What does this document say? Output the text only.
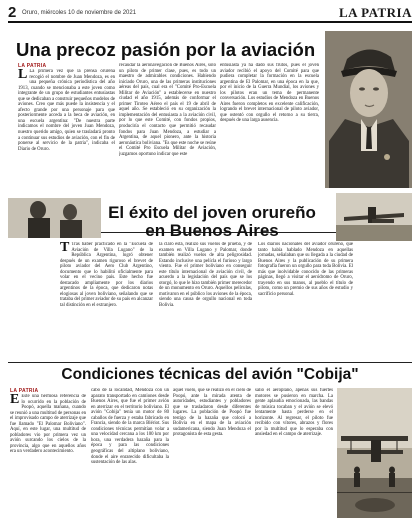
2 Oruro, miércoles 10 de noviembre de 2021	LA PATRIA
Una precoz pasión por la aviación
LA PATRIA
L La primera vez que la prensa orureña recogió el nombre de Juan Mendoza, es en una pequeña crónica periodística del año 1913, cuando se mencionaba a este joven como integrante de un grupo de estudiantes entusiastas que se dedicaban a construir pequeños modelos de aviones. Creo que más puede la insistencia y el afecto grande por una personaje para que posteriormente acceda a la beca de aviación, en una escuela argentina: "De nuestra parte indicamos el nombre del joven Juan Mendoza, nuestro querido amigo, quien se trasladará pronto a continuar sus estudios de aviación, con el fin de ponerse al servicio de la patria", indicaba el Diario de Oruro.
recaudar la aerónavegación de Buenos Aires, solo un piloto de primer clase, pues, es todo un maestro de admirables condiciones. Habiendo iniciado Oruro, una de las primeras instituciones aéreas del país, cual era el "Comité Pro-Escuela Militar de Aviación" a establecerse en nuestro ciudad el año 1915, además de conformar el primer Tiroteo Aéreo el país el 19 de abril de aquel año. Se estableció en su organización la implementación del entusiasta a la aviación civil, por lo que este Comité, con fondos propios, produciría el contacto que permitió recaudar fondos para Juan Mendoza, a estudiar a Argentina, de aquel pionero, ante la historia aeronáutica boliviana. "Es que este noche se reúne el Comité Pro Escuela Militar de Aviación, juzgamos oportuno indicar que este
entusiasta ya ha dado sus frutos, pues el joven aviador recibió el apoyo del Comité para que pudiera completar la formación en la escuela argentina de El Palomar, en una época en la que, por el inicio de la Guerra Mundial, los aviones y los pilotos eran un tema de permanente conversación. Los estudios de Mendoza en Buenos Aires fueron completos en excelente calificación, logrando el brevet internacional de piloto aviador, que ostentó con orgullo el retorno a su tierra, después de una larga ausencia.
El éxito del joven orureño
en Buenos Aires
T Tras haber practicado en la "Escuela de Aviación de Villa Lugano" de la República Argentina, logró obtener después de un examen riguroso el brevet de piloto aviador del Aero Club Argentino, documento que lo habilitó oficialmente para volar en el vecino país. Este hecho fue destacado ampliamente por los diarios argentinos de la época, que dedicaron notas elogiosas al joven boliviano, señalando que se trataba del primer aviador de su país en alcanzar tal distinción en el extranjero.
la claro está, realizó sus vuelos de prueba, y de examen en Villa Lugano y Palomar, donde también realizó vuelos de alta peligrosidad. Estando inclusive una pelícla el furioso y largo viento. Fue el primer boliviano en conseguir este título internacional de aviación civil, de acuerdo a la legislación del país que se los otorgó, lo que le hizo también primer merecedor de un monumento en Oruro. Aquellos películas, motivaron en el público los aviones de la época, siendo una causa de orgullo nacional en toda Bolivia.
Los diarios nacionales del aviador orureño, que tanto había hablado Mendoza en aquellas jornadas, señalaban que su llegada a la ciudad de Buenos Aires y la publicación de su primera fotografía fueron un orgullo para toda Bolivia. El más que inolvidable conocido de las primeras páginas, llegó a visitar el aeródromo de Oruro, trayendo en sus manos, al pueblo el título de piloto, como un premio de sus años de estudio y sacrificio personal.
Condiciones técnicas del avión "Cobija"
LA PATRIA
E Este una hermosa referencia de lo ocurrido en la población de Poopó, aquella mañana, cuando se reunió a una multitud de personas en el improvisado campo de aterrizaje que fue llamado "El Palomar Boliviano". Aquí, en este lugar, una multitud de pobladores vio por primera vez un avión surcando los cielos de la provincia, algo que en aquellos años era un verdadero acontecimiento.
cabo de la localidad, Mendoza con un aparato transportado en camiones desde Buenos Aires, que fue el primer avión en aterrizar en el territorio boliviano. El avión "Cobija" tenía un motor de 80 caballos de fuerza y estaba fabricado en Francia, siendo de la marca Blériot. Sus condiciones técnicas permitían volar a una velocidad cercana a los 100 km por hora, una verdadera hazaña para la época y para las condiciones geográficas del altiplano boliviano, donde el aire enrarecido dificultaba la sustentación de las alas.
aquel vuelo, que se realizó en el cielo de Poopó, ante la mirada atenta de autoridades, estudiantes y pobladores que se trasladaron desde diferentes lugares. La población de Poopó fue testigo de la hazaña que colocó a Bolivia en el mapa de la aviación sudamericana, siendo Juan Mendoza el protagonista de esta gesta.
salió el aeroplano, apenas sus fuertes motores se pusieron en marcha. La gente aplaudía emocionada, las bandas de música tocaban y el avión se elevó lentamente hasta perderse en el horizonte. Al regresar, el piloto fue recibido con vítores, abrazos y flores por la multitud que lo esperaba con ansiedad en el campo de aterrizaje.
